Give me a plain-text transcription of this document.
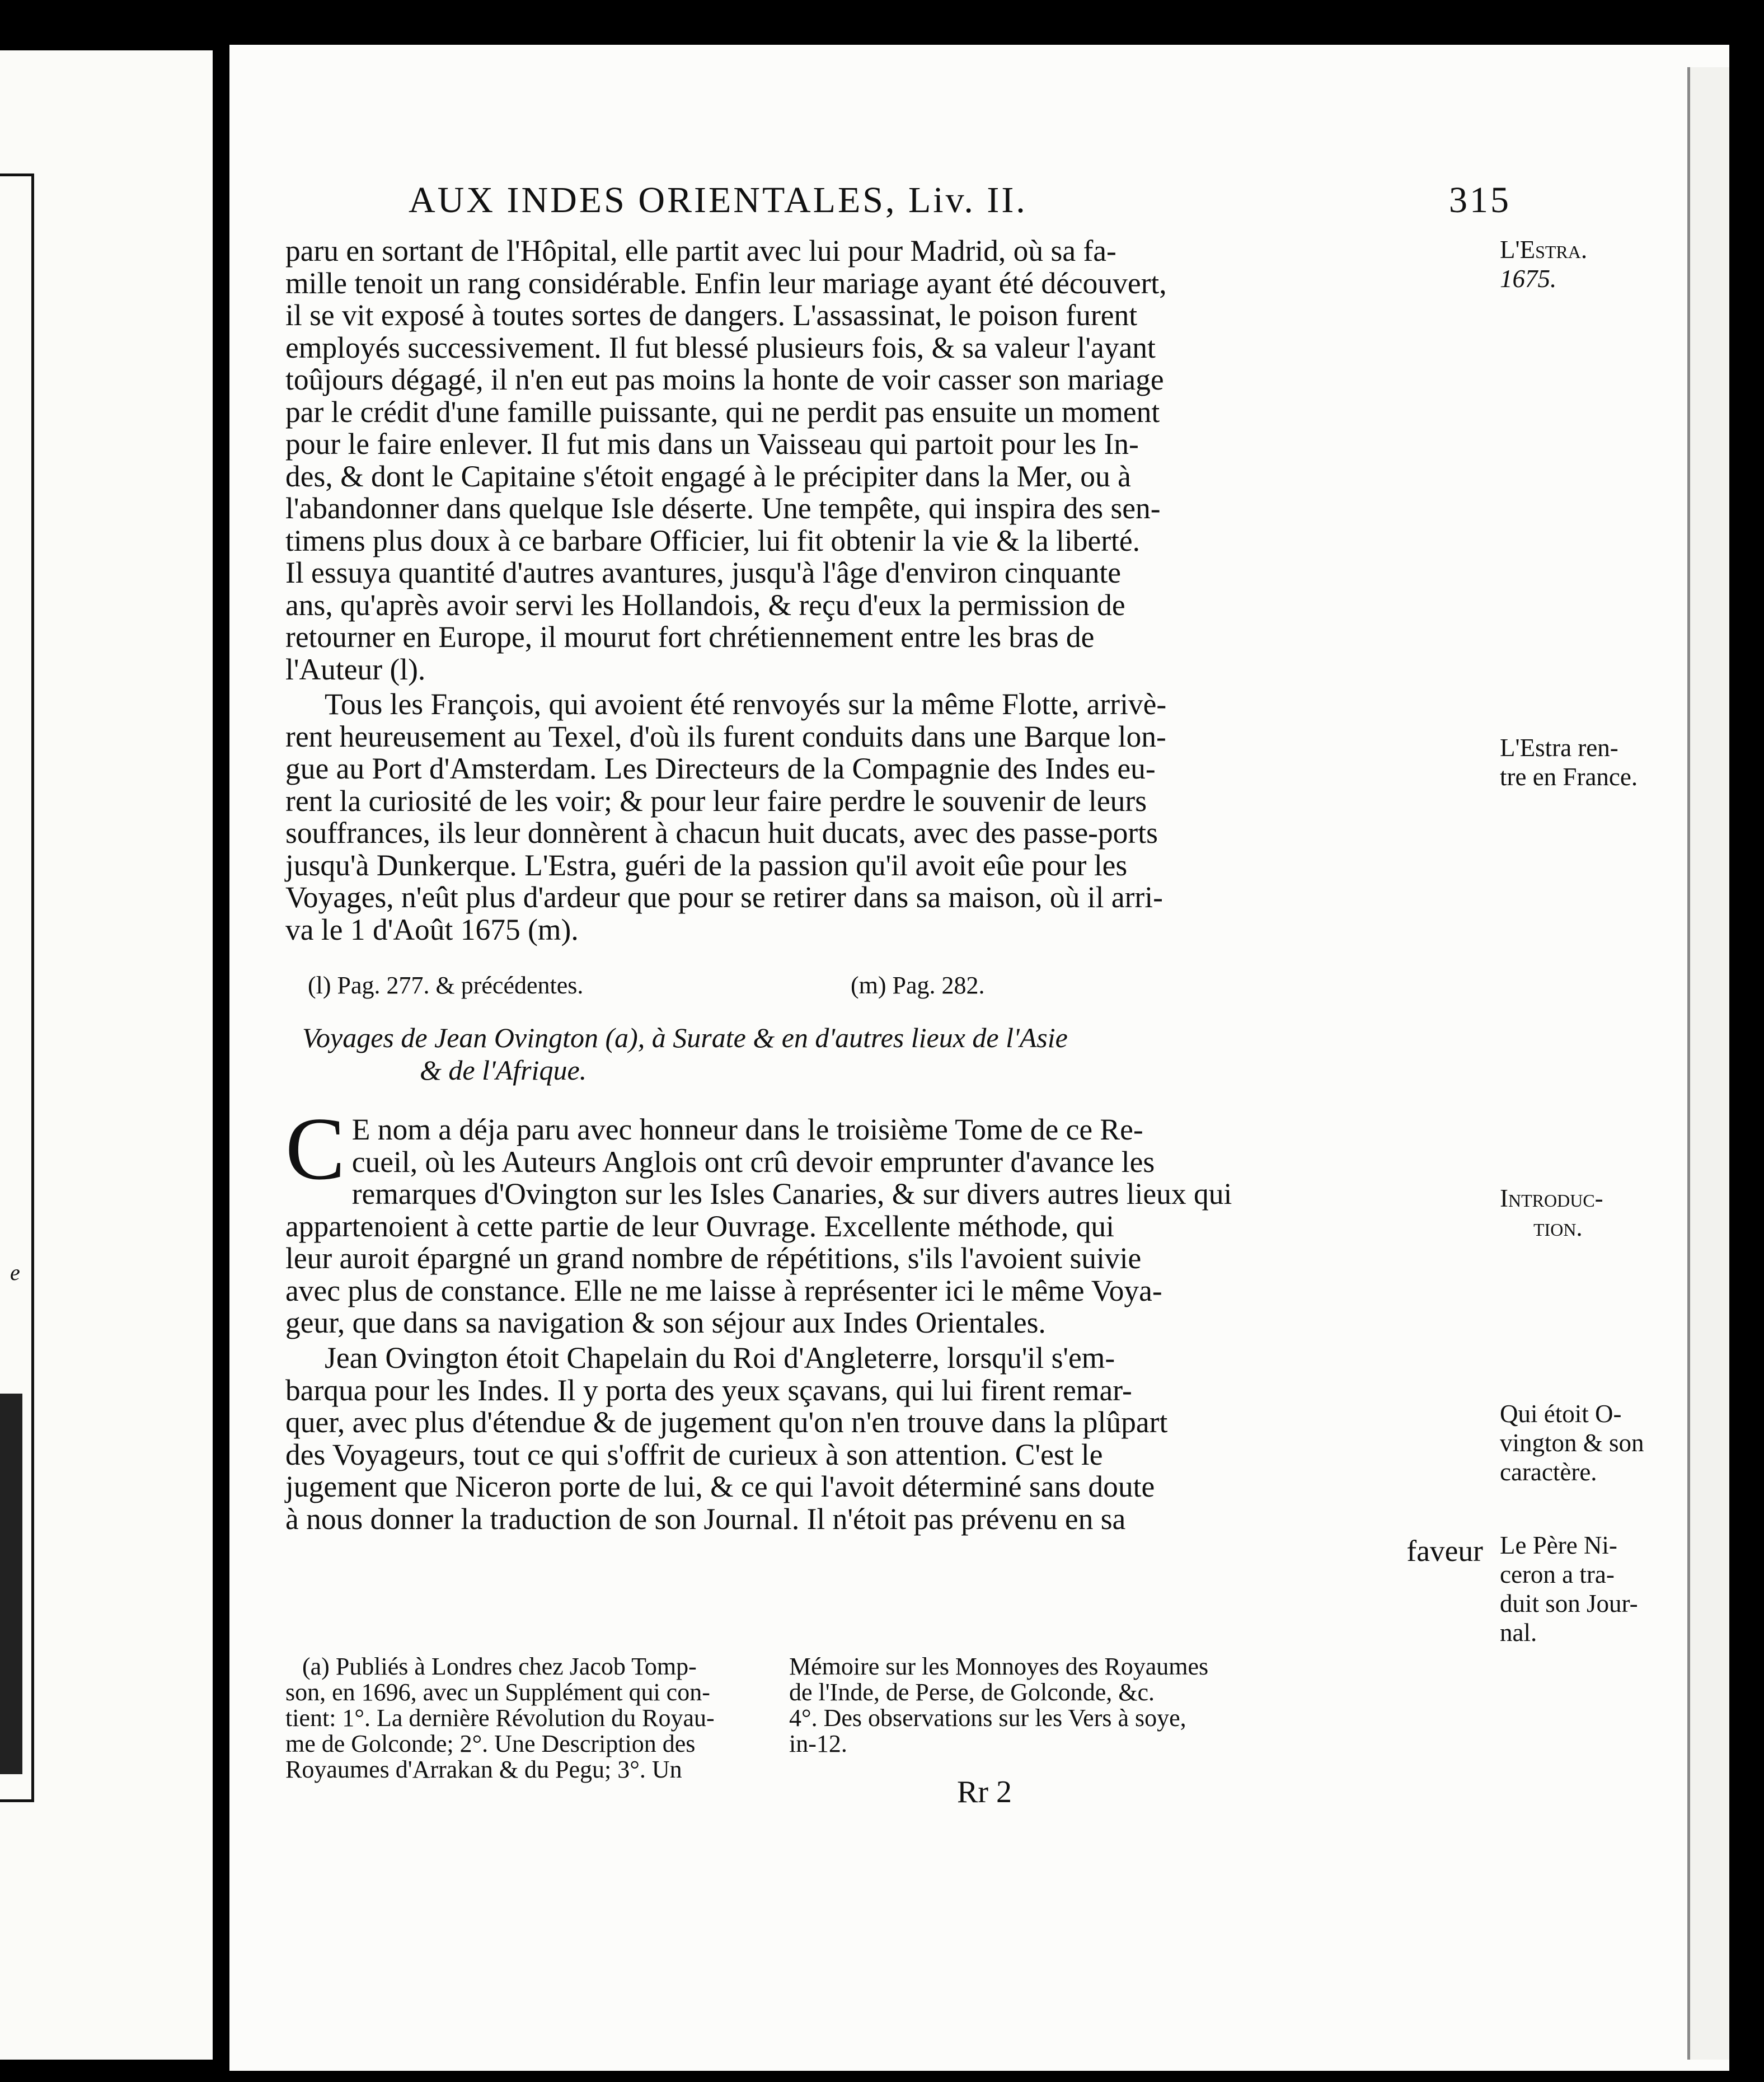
e
AUX INDES ORIENTALES, Liv. II.	315
paru en sortant de l'Hôpital, elle partit avec lui pour Madrid, où sa fa-
mille tenoit un rang considérable. Enfin leur mariage ayant été découvert,
il se vit exposé à toutes sortes de dangers. L'assassinat, le poison furent
employés successivement. Il fut blessé plusieurs fois, & sa valeur l'ayant
toûjours dégagé, il n'en eut pas moins la honte de voir casser son mariage
par le crédit d'une famille puissante, qui ne perdit pas ensuite un moment
pour le faire enlever. Il fut mis dans un Vaisseau qui partoit pour les In-
des, & dont le Capitaine s'étoit engagé à le précipiter dans la Mer, ou à
l'abandonner dans quelque Isle déserte. Une tempête, qui inspira des sen-
timens plus doux à ce barbare Officier, lui fit obtenir la vie & la liberté.
Il essuya quantité d'autres avantures, jusqu'à l'âge d'environ cinquante
ans, qu'après avoir servi les Hollandois, & reçu d'eux la permission de
retourner en Europe, il mourut fort chrétiennement entre les bras de
l'Auteur (l).
Tous les François, qui avoient été renvoyés sur la même Flotte, arrivè-
rent heureusement au Texel, d'où ils furent conduits dans une Barque lon-
gue au Port d'Amsterdam. Les Directeurs de la Compagnie des Indes eu-
rent la curiosité de les voir; & pour leur faire perdre le souvenir de leurs
souffrances, ils leur donnèrent à chacun huit ducats, avec des passe-ports
jusqu'à Dunkerque. L'Estra, guéri de la passion qu'il avoit eûe pour les
Voyages, n'eût plus d'ardeur que pour se retirer dans sa maison, où il arri-
va le 1 d'Août 1675 (m).
(l) Pag. 277. & précédentes.	(m) Pag. 282.
Voyages de Jean Ovington (a), à Surate & en d'autres lieux de l'Asie
& de l'Afrique.
C E nom a déja paru avec honneur dans le troisième Tome de ce Re-
cueil, où les Auteurs Anglois ont crû devoir emprunter d'avance les
remarques d'Ovington sur les Isles Canaries, & sur divers autres lieux qui
appartenoient à cette partie de leur Ouvrage. Excellente méthode, qui
leur auroit épargné un grand nombre de répétitions, s'ils l'avoient suivie
avec plus de constance. Elle ne me laisse à représenter ici le même Voya-
geur, que dans sa navigation & son séjour aux Indes Orientales.
Jean Ovington étoit Chapelain du Roi d'Angleterre, lorsqu'il s'em-
barqua pour les Indes. Il y porta des yeux sçavans, qui lui firent remar-
quer, avec plus d'étendue & de jugement qu'on n'en trouve dans la plûpart
des Voyageurs, tout ce qui s'offrit de curieux à son attention. C'est le
jugement que Niceron porte de lui, & ce qui l'avoit déterminé sans doute
à nous donner la traduction de son Journal. Il n'étoit pas prévenu en sa
faveur
L'Estra.
1675.
L'Estra ren-
tre en France.
Introduc-
tion.
Qui étoit O-
vington & son
caractère.
Le Père Ni-
ceron a tra-
duit son Jour-
nal.
(a) Publiés à Londres chez Jacob Tomp-
son, en 1696, avec un Supplément qui con-
tient: 1°. La dernière Révolution du Royau-
me de Golconde; 2°. Une Description des
Royaumes d'Arrakan & du Pegu; 3°. Un
Mémoire sur les Monnoyes des Royaumes
de l'Inde, de Perse, de Golconde, &c.
4°. Des observations sur les Vers à soye,
in-12.
Rr 2
